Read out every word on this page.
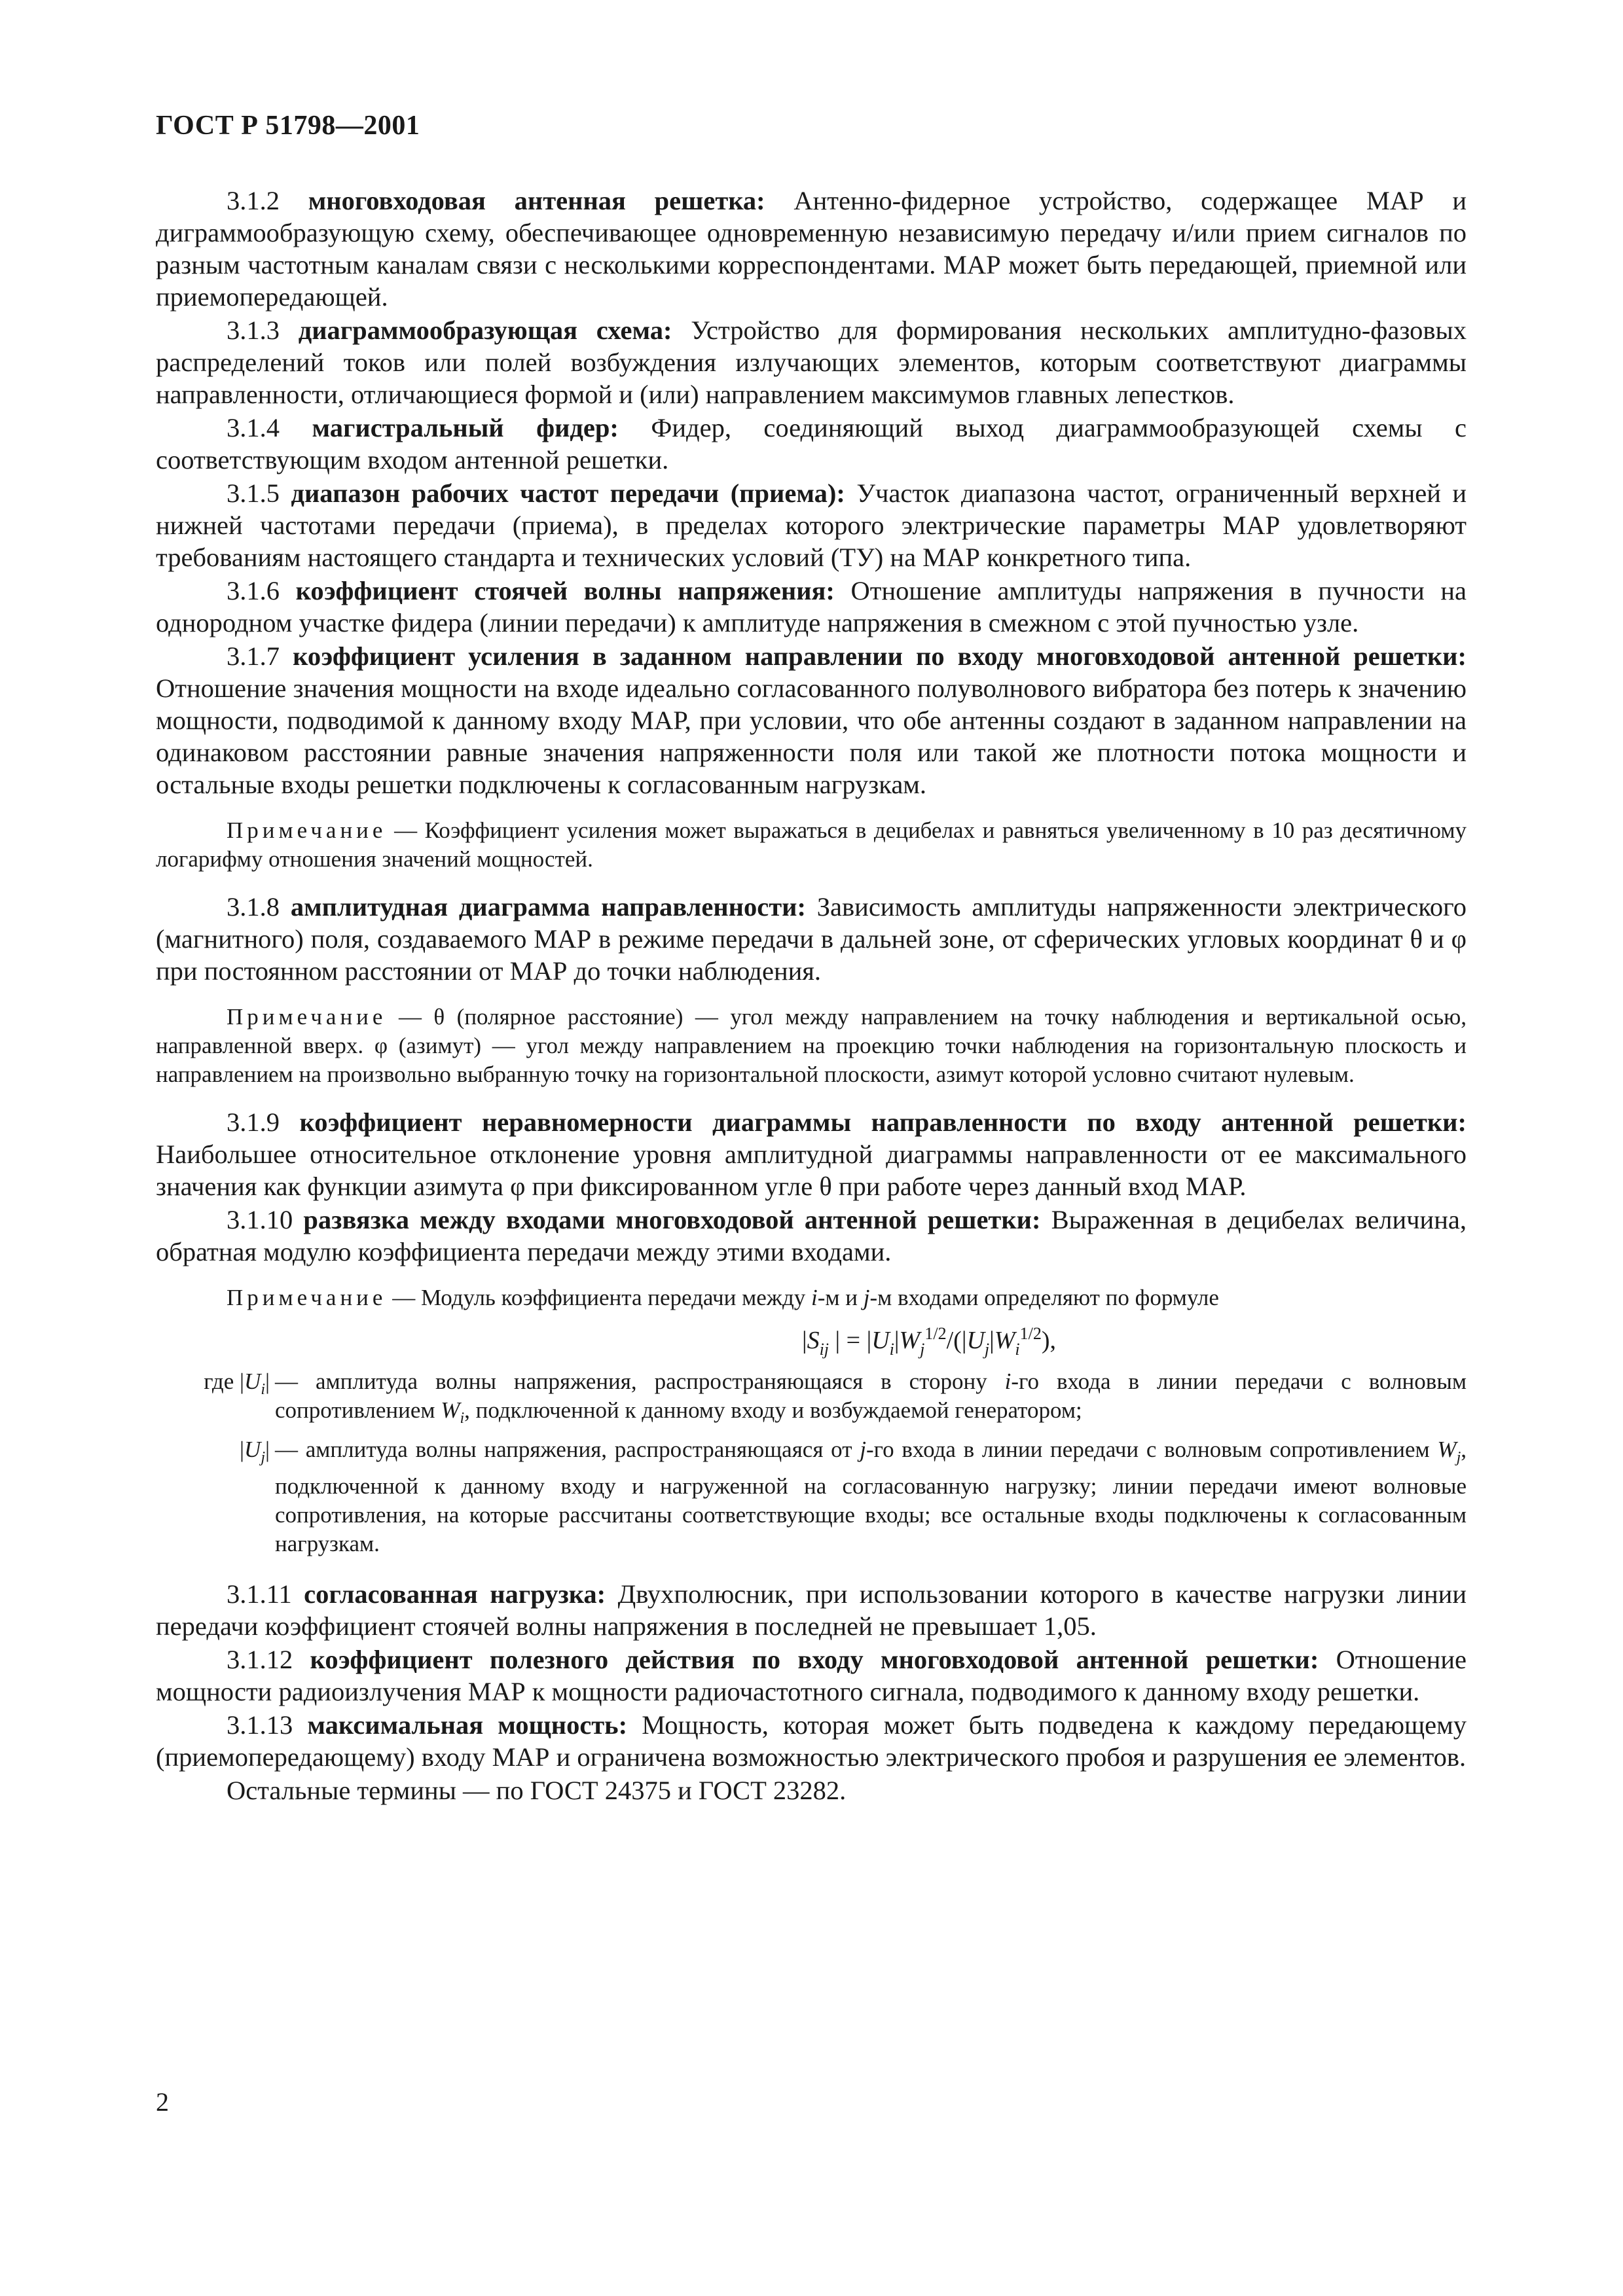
ГОСТ Р 51798—2001

3.1.2 многовходовая антенная решетка: Антенно-фидерное устройство, содержащее МАР и диграммообразующую схему, обеспечивающее одновременную независимую передачу и/или прием сигналов по разным частотным каналам связи с несколькими корреспондентами. МАР может быть передающей, приемной или приемопередающей.

3.1.3 диаграммообразующая схема: Устройство для формирования нескольких амплитудно-фазовых распределений токов или полей возбуждения излучающих элементов, которым соответствуют диаграммы направленности, отличающиеся формой и (или) направлением максимумов главных лепестков.

3.1.4 магистральный фидер: Фидер, соединяющий выход диаграммообразующей схемы с соответствующим входом антенной решетки.

3.1.5 диапазон рабочих частот передачи (приема): Участок диапазона частот, ограниченный верхней и нижней частотами передачи (приема), в пределах которого электрические параметры МАР удовлетворяют требованиям настоящего стандарта и технических условий (ТУ) на МАР конкретного типа.

3.1.6 коэффициент стоячей волны напряжения: Отношение амплитуды напряжения в пучности на однородном участке фидера (линии передачи) к амплитуде напряжения в смежном с этой пучностью узле.

3.1.7 коэффициент усиления в заданном направлении по входу многовходовой антенной решетки: Отношение значения мощности на входе идеально согласованного полуволнового вибратора без потерь к значению мощности, подводимой к данному входу МАР, при условии, что обе антенны создают в заданном направлении на одинаковом расстоянии равные значения напряженности поля или такой же плотности потока мощности и остальные входы решетки подключены к согласованным нагрузкам.

Примечание — Коэффициент усиления может выражаться в децибелах и равняться увеличенному в 10 раз десятичному логарифму отношения значений мощностей.

3.1.8 амплитудная диаграмма направленности: Зависимость амплитуды напряженности электрического (магнитного) поля, создаваемого МАР в режиме передачи в дальней зоне, от сферических угловых координат θ и φ при постоянном расстоянии от МАР до точки наблюдения.

Примечание — θ (полярное расстояние) — угол между направлением на точку наблюдения и вертикальной осью, направленной вверх. φ (азимут) — угол между направлением на проекцию точки наблюдения на горизонтальную плоскость и направлением на произвольно выбранную точку на горизонтальной плоскости, азимут которой условно считают нулевым.

3.1.9 коэффициент неравномерности диаграммы направленности по входу антенной решетки: Наибольшее относительное отклонение уровня амплитудной диаграммы направленности от ее максимального значения как функции азимута φ при фиксированном угле θ при работе через данный вход МАР.

3.1.10 развязка между входами многовходовой антенной решетки: Выраженная в децибелах величина, обратная модулю коэффициента передачи между этими входами.

Примечание — Модуль коэффициента передачи между i-м и j-м входами определяют по формуле

$|S_{ij}$ | = $|U_i|W_j^{1/2}/(|U_j|W_i^{1/2})$,
где $|U_i|$ — амплитуда волны напряжения, распространяющаяся в сторону i-го входа в линии передачи с волновым сопротивлением $W_i$, подключенной к данному входу и возбуждаемой генератором;
$|U_j|$ — амплитуда волны напряжения, распространяющаяся от j-го входа в линии передачи с волновым сопротивлением $W_j$, подключенной к данному входу и нагруженной на согласованную нагрузку; линии передачи имеют волновые сопротивления, на которые рассчитаны соответствующие входы; все остальные входы подключены к согласованным нагрузкам.

3.1.11 согласованная нагрузка: Двухполюсник, при использовании которого в качестве нагрузки линии передачи коэффициент стоячей волны напряжения в последней не превышает 1,05.

3.1.12 коэффициент полезного действия по входу многовходовой антенной решетки: Отношение мощности радиоизлучения МАР к мощности радиочастотного сигнала, подводимого к данному входу решетки.

3.1.13 максимальная мощность: Мощность, которая может быть подведена к каждому передающему (приемопередающему) входу МАР и ограничена возможностью электрического пробоя и разрушения ее элементов.

Остальные термины — по ГОСТ 24375 и ГОСТ 23282.

2
